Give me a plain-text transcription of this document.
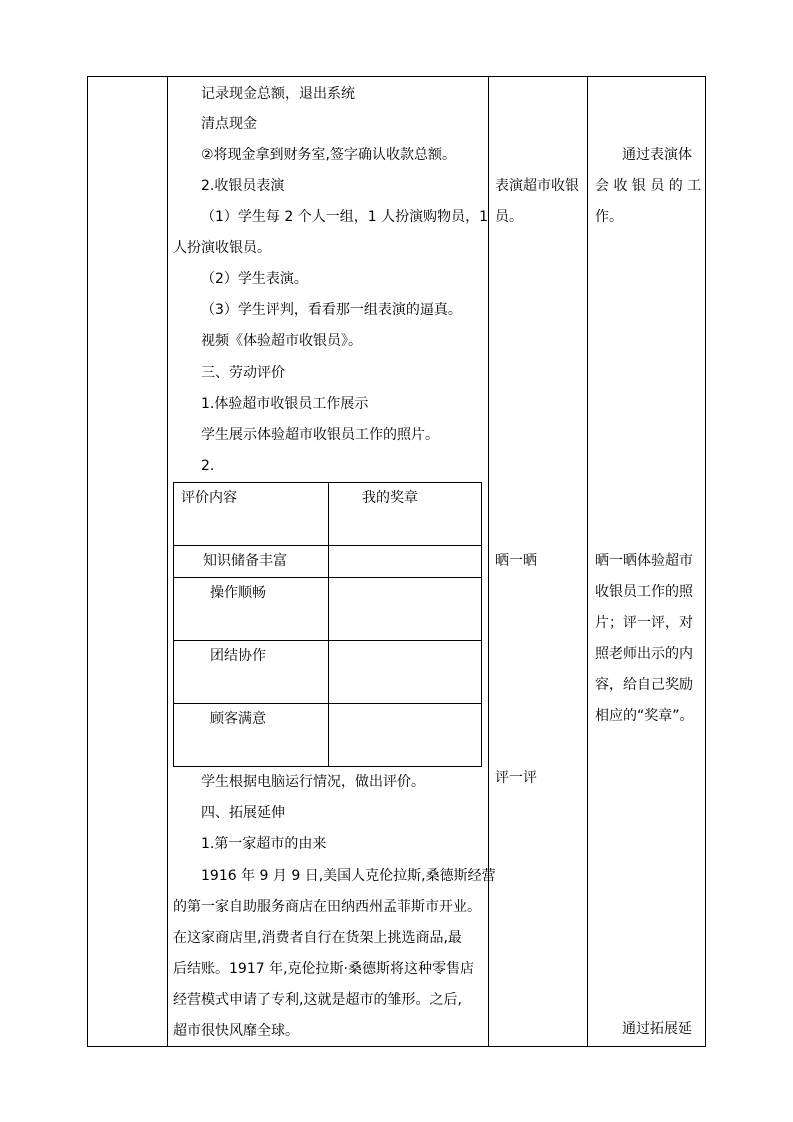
记录现金总额，退出系统
清点现金
②将现金拿到财务室,签字确认收款总额。
2.收银员表演
（1）学生每 2 个人一组，1 人扮演购物员，1
人扮演收银员。
（2）学生表演。
（3）学生评判，看看那一组表演的逼真。
视频《体验超市收银员》。
三、劳动评价
1.体验超市收银员工作展示
学生展示体验超市收银员工作的照片。
2.
评价内容	我的奖章
知识储备丰富
操作顺畅
团结协作
顾客满意
学生根据电脑运行情况，做出评价。
四、拓展延伸
1.第一家超市的由来
1916 年 9 月 9 日,美国人克伦拉斯,桑德斯经营
的第一家自助服务商店在田纳西州孟菲斯市开业。
在这家商店里,消费者自行在货架上挑选商品,最
后结账。1917 年,克伦拉斯·桑德斯将这种零售店
经营模式申请了专利,这就是超市的雏形。之后,
超市很快风靡全球。
表演超市收银
员。
晒一晒
评一评
通过表演体
会 收 银 员 的 工
作。
晒一晒体验超市
收银员工作的照
片；评一评，对
照老师出示的内
容，给自己奖励
相应的“奖章”。
通过拓展延
